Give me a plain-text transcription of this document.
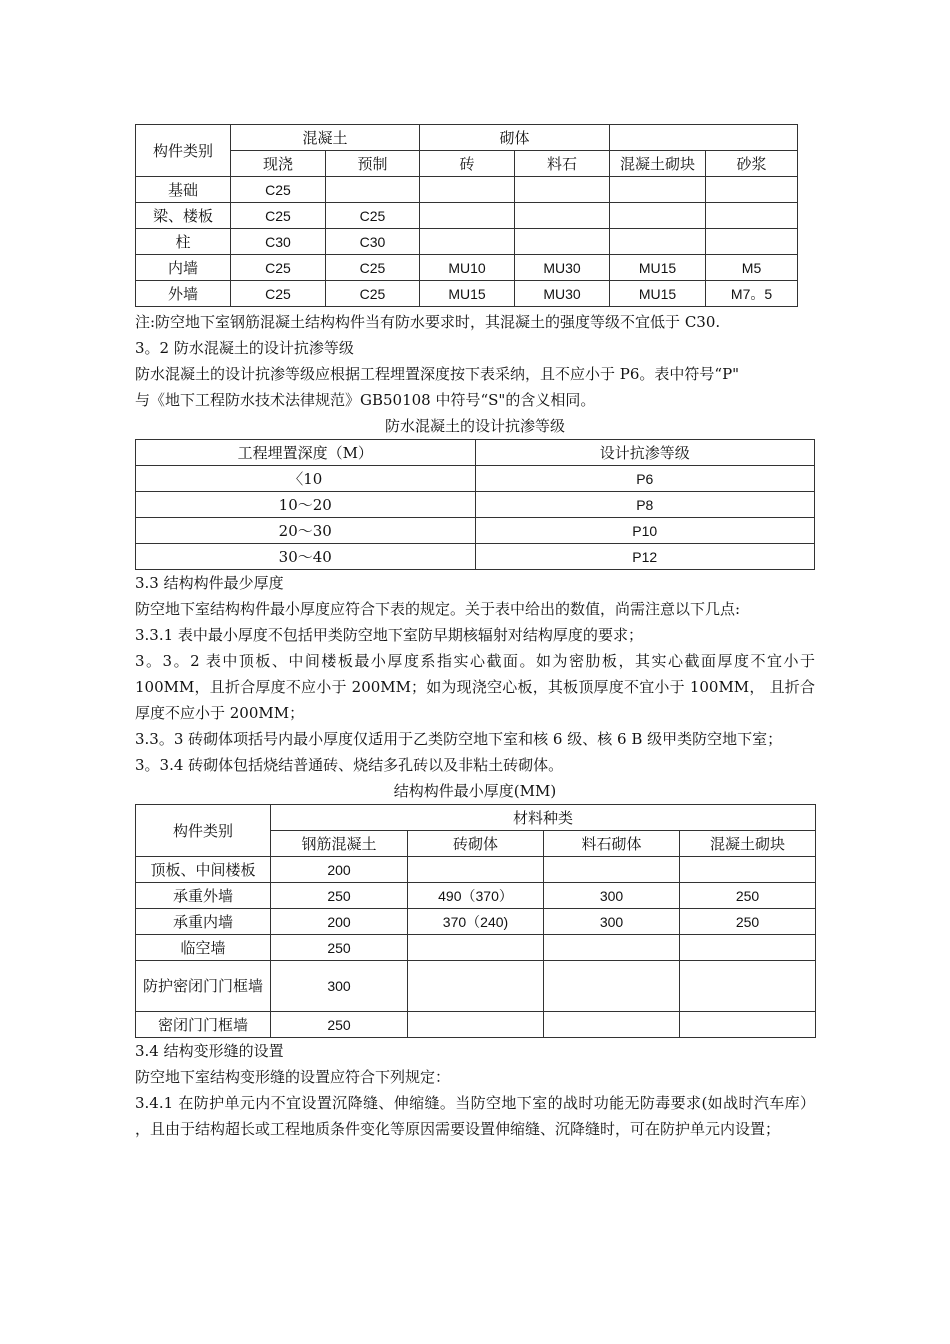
构件类别	混凝土		砌体			
	现浇	预制	砖	料石	混凝土砌块	砂浆
基础	C25					
梁、楼板	C25	C25				
柱	C30	C30				
内墙	C25	C25	MU10	MU30	MU15	M5
外墙	C25	C25	MU15	MU30	MU15	M7。5

注:防空地下室钢筋混凝土结构构件当有防水要求时，其混凝土的强度等级不宜低于 C30.

3。2 防水混凝土的设计抗渗等级

防水混凝土的设计抗渗等级应根据工程埋置深度按下表采纳，且不应小于 P6。表中符号“P"

与《地下工程防水技术法律规范》GB50108 中符号“S"的含义相同。

防水混凝土的设计抗渗等级

工程埋置深度（M）	设计抗渗等级
〈10	P6
10～20	P8
20～30	P10
30～40	P12

3.3 结构构件最少厚度

防空地下室结构构件最小厚度应符合下表的规定。关于表中给出的数值，尚需注意以下几点:

3.3.1 表中最小厚度不包括甲类防空地下室防早期核辐射对结构厚度的要求；

3。3。2 表中顶板、中间楼板最小厚度系指实心截面。如为密肋板，其实心截面厚度不宜小于 100MM，且折合厚度不应小于 200MM；如为现浇空心板，其板顶厚度不宜小于 100MM， 且折合厚度不应小于 200MM；

3.3。3 砖砌体项括号内最小厚度仅适用于乙类防空地下室和核 6 级、核 6 B 级甲类防空地下室；

3。3.4 砖砌体包括烧结普通砖、烧结多孔砖以及非粘土砖砌体。

结构构件最小厚度(MM)

构件类别	材料种类			
	钢筋混凝土	砖砌体	料石砌体	混凝土砌块
顶板、中间楼板	200			
承重外墙	250	490（370）	300	250
承重内墙	200	370（240)	300	250
临空墙	250			
防护密闭门门框墙	300			
密闭门门框墙	250			

3.4 结构变形缝的设置

防空地下室结构变形缝的设置应符合下列规定：

3.4.1 在防护单元内不宜设置沉降缝、伸缩缝。当防空地下室的战时功能无防毒要求(如战时汽车库） ，且由于结构超长或工程地质条件变化等原因需要设置伸缩缝、沉降缝时，可在防护单元内设置；
